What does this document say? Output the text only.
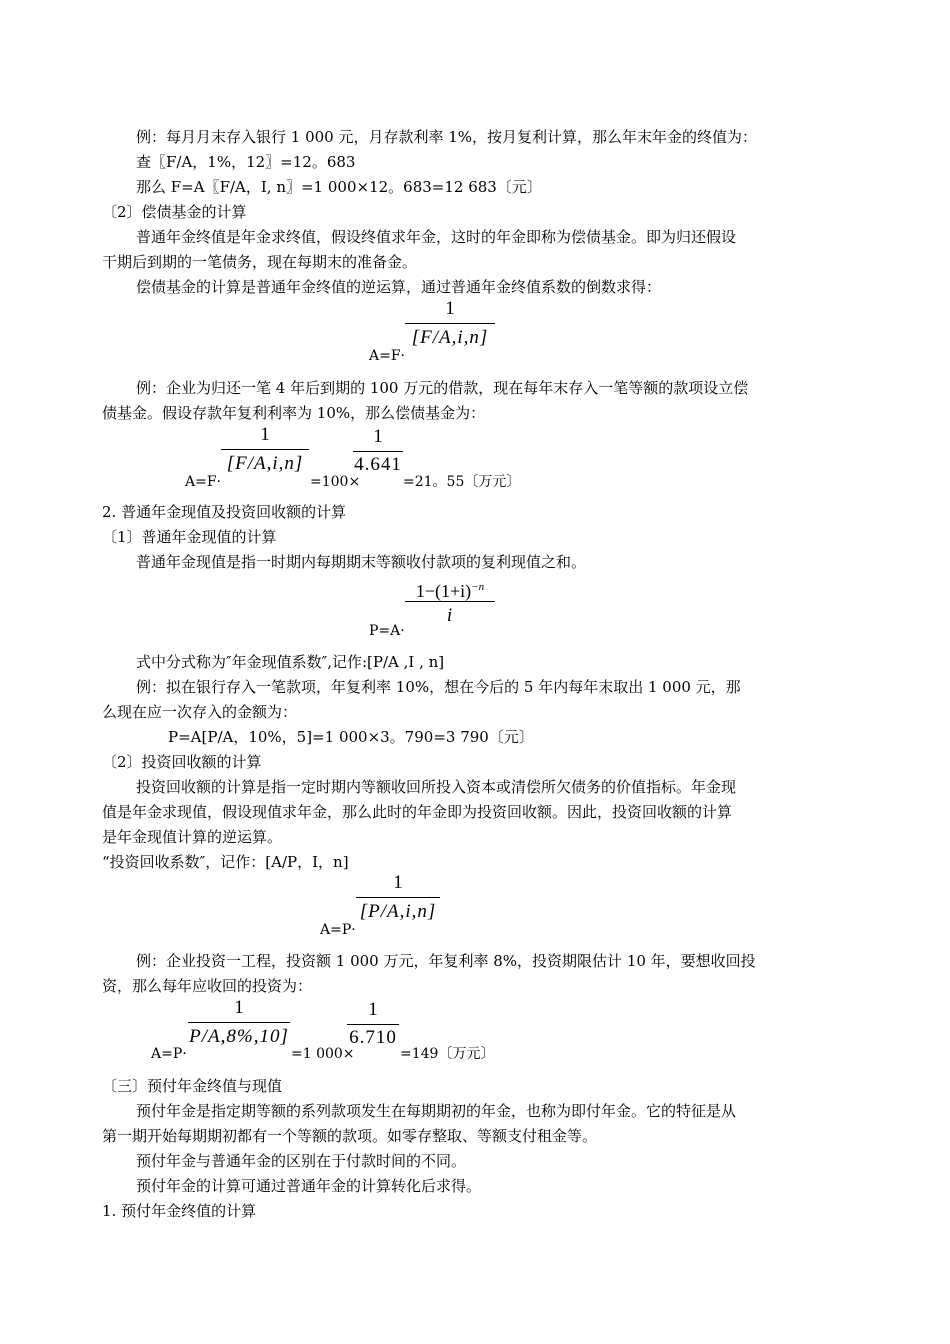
例：每月月末存入银行 1 000 元，月存款利率 1%，按月复利计算，那么年末年金的终值为：
查〖F/A，1%，12〗=12。683
那么 F=A〖F/A，I, n〗=1 000×12。683=12 683〔元〕
〔2〕偿债基金的计算
普通年金终值是年金求终值，假设终值求年金，这时的年金即称为偿债基金。即为归还假设
干期后到期的一笔债务，现在每期末的准备金。
偿债基金的计算是普通年金终值的逆运算，通过普通年金终值系数的倒数求得：
A=F·
1
[F/A,i,n]
例：企业为归还一笔 4 年后到期的 100 万元的借款，现在每年末存入一笔等额的款项设立偿
债基金。假设存款年复利利率为 10%，那么偿债基金为：
A=F·
1
[F/A,i,n]
=100×
1
4.641
=21。55〔万元〕
2. 普通年金现值及投资回收额的计算
〔1〕普通年金现值的计算
普通年金现值是指一时期内每期期末等额收付款项的复利现值之和。
P=A·
$1-(1+i)^{-n}$
i
式中分式称为″年金现值系数″,记作:[P/A ,I , n]
例：拟在银行存入一笔款项，年复利率 10%，想在今后的 5 年内每年末取出 1 000 元，那
么现在应一次存入的金额为：
P=A[P/A，10%，5]=1 000×3。790=3 790〔元〕
〔2〕投资回收额的计算
投资回收额的计算是指一定时期内等额收回所投入资本或清偿所欠债务的价值指标。年金现
值是年金求现值，假设现值求年金，那么此时的年金即为投资回收额。因此，投资回收额的计算
是年金现值计算的逆运算。
“投资回收系数″，记作：[A/P，I，n]
A=P·
1
[P/A,i,n]
例：企业投资一工程，投资额 1 000 万元，年复利率 8%，投资期限估计 10 年，要想收回投
资，那么每年应收回的投资为：
A=P·
1
P/A,8%,10]
=1 000×
1
6.710
=149〔万元〕
〔三〕预付年金终值与现值
预付年金是指定期等额的系列款项发生在每期期初的年金，也称为即付年金。它的特征是从
第一期开始每期期初都有一个等额的款项。如零存整取、等额支付租金等。
预付年金与普通年金的区别在于付款时间的不同。
预付年金的计算可通过普通年金的计算转化后求得。
1. 预付年金终值的计算
